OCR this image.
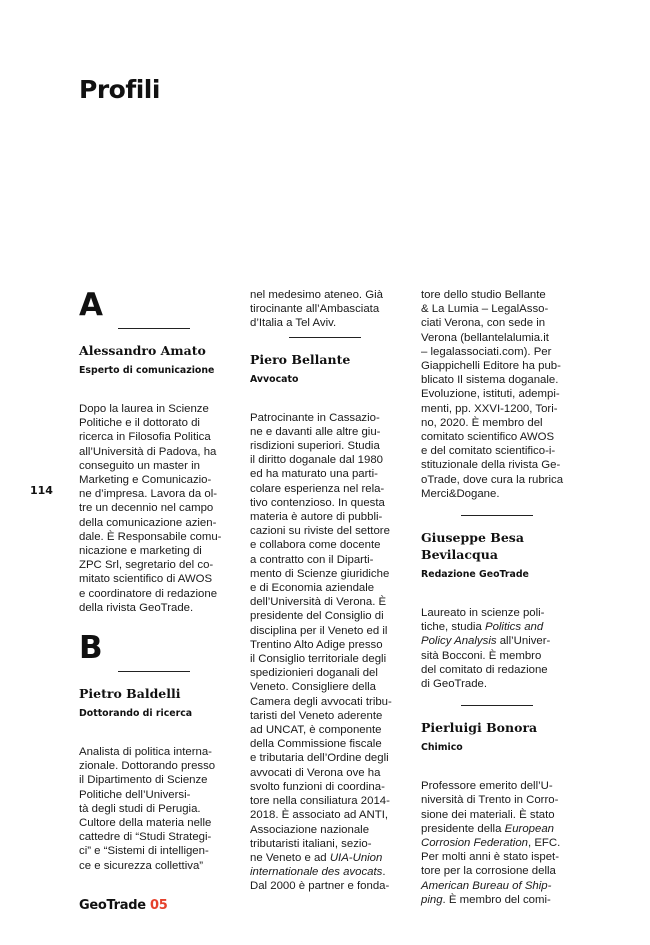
Profili
114

A

Alessandro Amato

Esperto di comunicazione

Dopo la laurea in Scienze
Politiche e il dottorato di
ricerca in Filosofia Politica
all’Università di Padova, ha
conseguito un master in
Marketing e Comunicazio-
ne d’impresa. Lavora da ol-
tre un decennio nel campo
della comunicazione azien-
dale. È Responsabile comu-
nicazione e marketing di
ZPC Srl, segretario del co-
mitato scientifico di AWOS
e coordinatore di redazione
della rivista GeoTrade.

B

Pietro Baldelli

Dottorando di ricerca

Analista di politica interna-
zionale. Dottorando presso
il Dipartimento di Scienze
Politiche dell’Universi-
tà degli studi di Perugia.
Cultore della materia nelle
cattedre di “Studi Strategi-
ci” e “Sistemi di intelligen-
ce e sicurezza collettiva”

nel medesimo ateneo. Già
tirocinante all’Ambasciata
d’Italia a Tel Aviv.

Piero Bellante

Avvocato

Patrocinante in Cassazio-
ne e davanti alle altre giu-
risdizioni superiori. Studia
il diritto doganale dal 1980
ed ha maturato una parti-
colare esperienza nel rela-
tivo contenzioso. In questa
materia è autore di pubbli-
cazioni su riviste del settore
e collabora come docente
a contratto con il Diparti-
mento di Scienze giuridiche
e di Economia aziendale
dell’Università di Verona. È
presidente del Consiglio di
disciplina per il Veneto ed il
Trentino Alto Adige presso
il Consiglio territoriale degli
spedizionieri doganali del
Veneto. Consigliere della
Camera degli avvocati tribu-
taristi del Veneto aderente
ad UNCAT, è componente
della Commissione fiscale
e tributaria dell’Ordine degli
avvocati di Verona ove ha
svolto funzioni di coordina-
tore nella consiliatura 2014-
2018. È associato ad ANTI,
Associazione nazionale
tributaristi italiani, sezio-
ne Veneto e ad UIA-Union
internationale des avocats.
Dal 2000 è partner e fonda-

tore dello studio Bellante
& La Lumia – LegalAsso-
ciati Verona, con sede in
Verona (bellantelalumia.it
– legalassociati.com). Per
Giappichelli Editore ha pub-
blicato Il sistema doganale.
Evoluzione, istituti, adempi-
menti, pp. XXVI-1200, Tori-
no, 2020. È membro del
comitato scientifico AWOS
e del comitato scientifico-i-
stituzionale della rivista Ge-
oTrade, dove cura la rubrica
Merci&Dogane.

Giuseppe Besa
Bevilacqua

Redazione GeoTrade

Laureato in scienze poli-
tiche, studia Politics and
Policy Analysis all’Univer-
sità Bocconi. È membro
del comitato di redazione
di GeoTrade.

Pierluigi Bonora

Chimico

Professore emerito dell’U-
niversità di Trento in Corro-
sione dei materiali. È stato
presidente della European
Corrosion Federation, EFC.
Per molti anni è stato ispet-
tore per la corrosione della
American Bureau of Ship-
ping. È membro del comi-

GeoTrade 05
